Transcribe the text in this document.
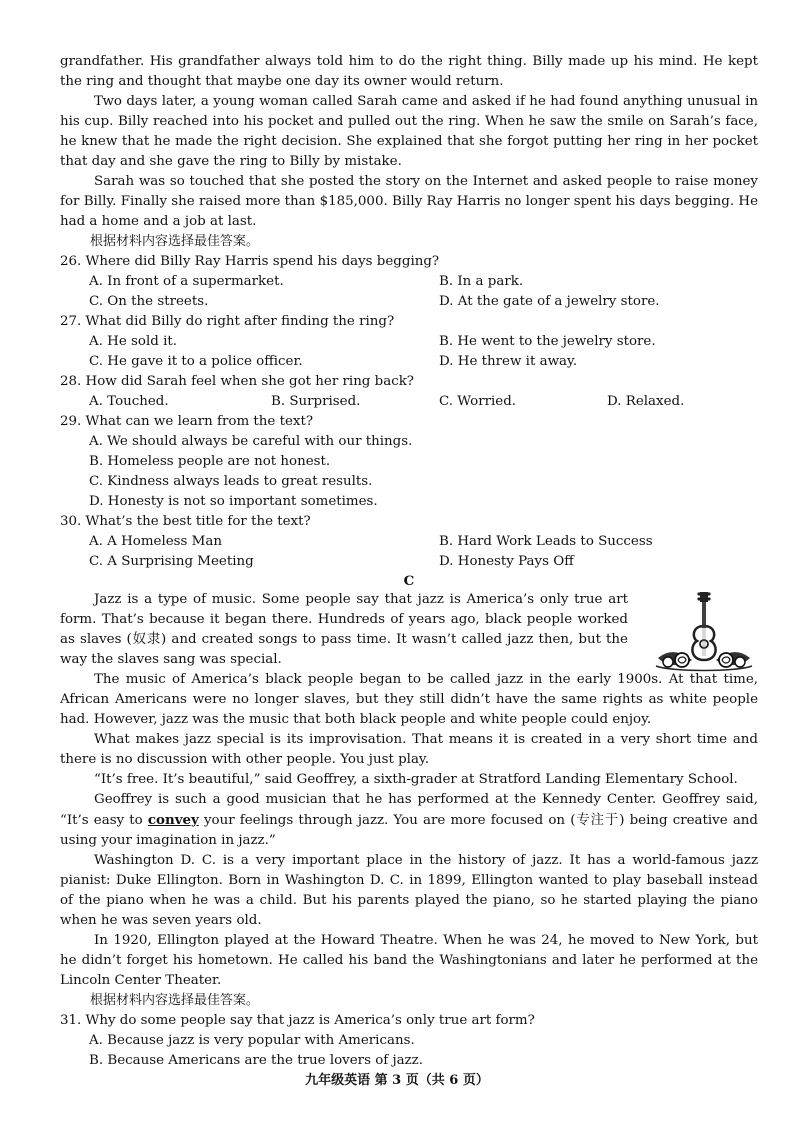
grandfather. His grandfather always told him to do the right thing. Billy made up his mind. He kept the ring and thought that maybe one day its owner would return.

Two days later, a young woman called Sarah came and asked if he had found anything unusual in his cup. Billy reached into his pocket and pulled out the ring. When he saw the smile on Sarah’s face, he knew that he made the right decision. She explained that she forgot putting her ring in her pocket that day and she gave the ring to Billy by mistake.

Sarah was so touched that she posted the story on the Internet and asked people to raise money for Billy. Finally she raised more than $185,000. Billy Ray Harris no longer spent his days begging. He had a home and a job at last.

根据材料内容选择最佳答案。

26. Where did Billy Ray Harris spend his days begging?
A. In front of a supermarket.	B. In a park.
C. On the streets.	D. At the gate of a jewelry store.
27. What did Billy do right after finding the ring?
A. He sold it.	B. He went to the jewelry store.
C. He gave it to a police officer.	D. He threw it away.
28. How did Sarah feel when she got her ring back?
A. Touched.	B. Surprised.	C. Worried.	D. Relaxed.
29. What can we learn from the text?
A. We should always be careful with our things.
B. Homeless people are not honest.
C. Kindness always leads to great results.
D. Honesty is not so important sometimes.
30. What’s the best title for the text?
A. A Homeless Man	B. Hard Work Leads to Success
C. A Surprising Meeting	D. Honesty Pays Off
C

Jazz is a type of music. Some people say that jazz is America’s only true art form. That’s because it began there. Hundreds of years ago, black people worked as slaves (奴隶) and created songs to pass time. It wasn’t called jazz then, but the way the slaves sang was special.

The music of America’s black people began to be called jazz in the early 1900s. At that time, African Americans were no longer slaves, but they still didn’t have the same rights as white people had. However, jazz was the music that both black people and white people could enjoy.

What makes jazz special is its improvisation. That means it is created in a very short time and there is no discussion with other people. You just play.

“It’s free. It’s beautiful,” said Geoffrey, a sixth-grader at Stratford Landing Elementary School.

Geoffrey is such a good musician that he has performed at the Kennedy Center. Geoffrey said, “It’s easy to convey your feelings through jazz. You are more focused on (专注于) being creative and using your imagination in jazz.”

Washington D. C. is a very important place in the history of jazz. It has a world-famous jazz pianist: Duke Ellington. Born in Washington D. C. in 1899, Ellington wanted to play baseball instead of the piano when he was a child. But his parents played the piano, so he started playing the piano when he was seven years old.

In 1920, Ellington played at the Howard Theatre. When he was 24, he moved to New York, but he didn’t forget his hometown. He called his band the Washingtonians and later he performed at the Lincoln Center Theater.

根据材料内容选择最佳答案。

31. Why do some people say that jazz is America’s only true art form?
A. Because jazz is very popular with Americans.
B. Because Americans are the true lovers of jazz.
九年级英语 第 3 页（共 6 页）
